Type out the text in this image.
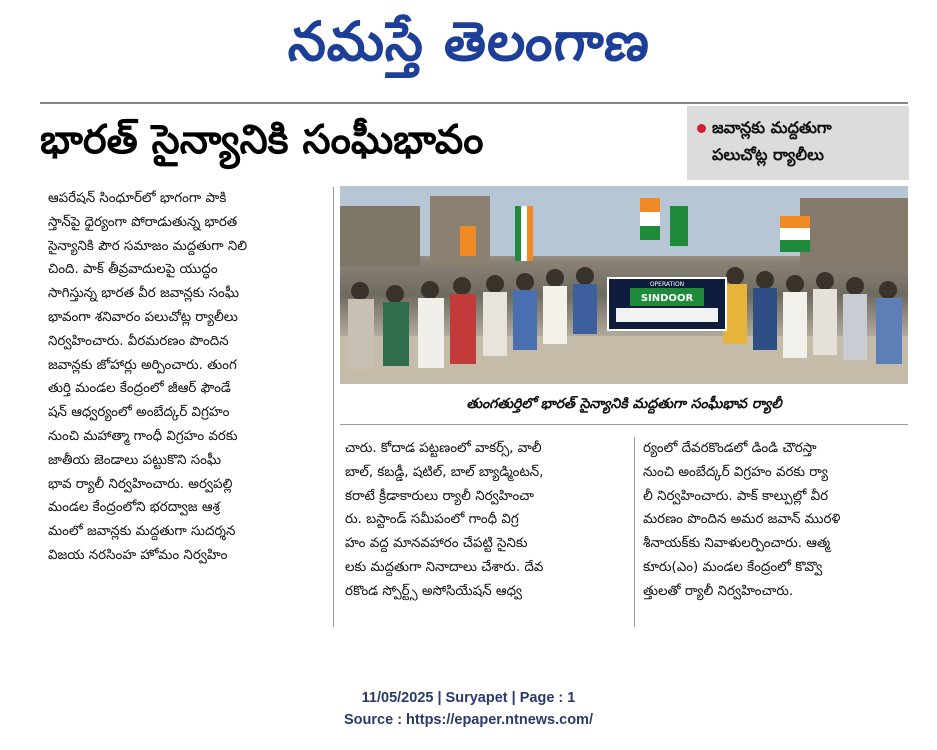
నమస్తే తెలంగాణ
భారత్ సైన్యానికి సంఘీభావం	జవాన్లకు మద్దతుగా
పలుచోట్ల ర్యాలీలు
ఆపరేషన్ సింధూర్‌లో భాగంగా పాకి
స్తాన్‌పై ధైర్యంగా పోరాడుతున్న భారత
సైన్యానికి పౌర సమాజం మద్దతుగా నిలి
చింది. పాక్ తీవ్రవాదులపై యుద్ధం
సాగిస్తున్న భారత వీర జవాన్లకు సంఘీ
భావంగా శనివారం పలుచోట్ల ర్యాలీలు
నిర్వహించారు. వీరమరణం పొందిన
జవాన్లకు జోహార్లు అర్పించారు. తుంగ
తుర్తి మండల కేంద్రంలో జీఆర్ ఫౌండే
షన్ ఆధ్వర్యంలో అంబేద్కర్ విగ్రహం
నుంచి మహాత్మా గాంధీ విగ్రహం వరకు
జాతీయ జెండాలు పట్టుకొని సంఘీ
భావ ర్యాలీ నిర్వహించారు. అర్వపల్లి
మండల కేంద్రంలోని భరద్వాజ ఆశ్ర
మంలో జవాన్లకు మద్దతుగా సుదర్శన
విజయ నరసింహ హోమం నిర్వహిం
OPERATION
SINDOOR
తుంగతుర్తిలో భారత్ సైన్యానికి మద్దతుగా సంఘీభావ ర్యాలీ
చారు. కోదాడ పట్టణంలో వాకర్స్, వాలీ
బాల్, కబడ్డీ, షటిల్, బాల్ బ్యాడ్మింటన్,
కరాటే క్రీడాకారులు ర్యాలీ నిర్వహించా
రు. బస్టాండ్ సమీపంలో గాంధీ విగ్ర
హం వద్ద మానవహారం చేపట్టి సైనికు
లకు మద్దతుగా నినాదాలు చేశారు. దేవ
రకొండ స్పోర్ట్స్ అసోసియేషన్ ఆధ్వ
ర్యంలో దేవరకొండలో డిండి చౌరస్తా
నుంచి అంబేద్కర్ విగ్రహం వరకు ర్యా
లీ నిర్వహించారు. పాక్ కాల్పుల్లో వీర
మరణం పొందిన అమర జవాన్ మురళి
శీనాయక్‌కు నివాళులర్పించారు. ఆత్మ
కూరు(ఎం) మండల కేంద్రంలో కొవ్వొ
త్తులతో ర్యాలీ నిర్వహించారు.
11/05/2025 | Suryapet | Page : 1
Source : https://epaper.ntnews.com/
